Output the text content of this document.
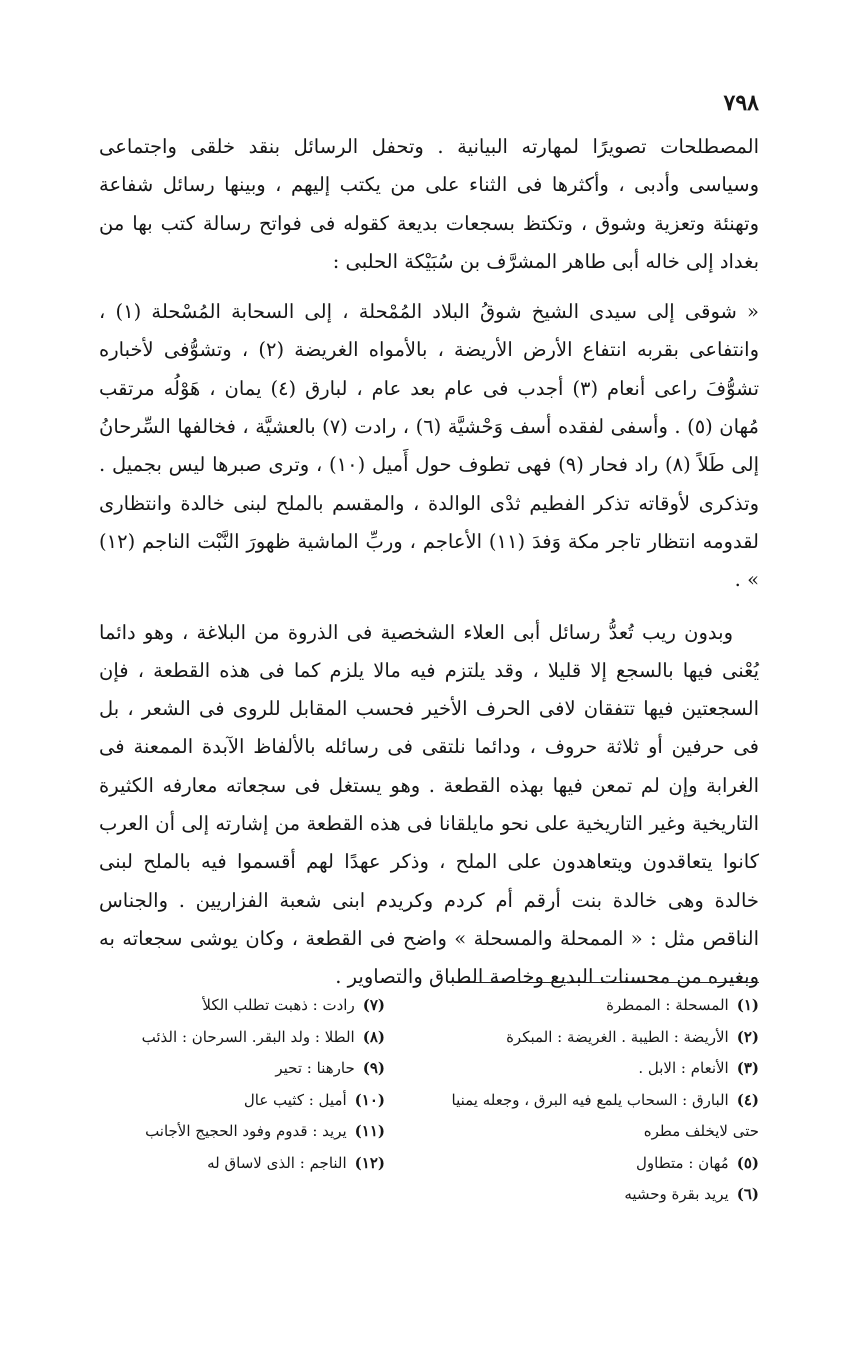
٧٩٨

المصطلحات تصويرًا لمهارته البيانية . وتحفل الرسائل بنقد خلقى واجتماعى وسياسى وأدبى ، وأكثرها فى الثناء على من يكتب إليهم ، وبينها رسائل شفاعة وتهنئة وتعزية وشوق ، وتكتظ بسجعات بديعة كقوله فى فواتح رسالة كتب بها من بغداد إلى خاله أبى طاهر المشرَّف بن سُبَيْكة الحلبى :

« شوقى إلى سيدى الشيخ شوقُ البلاد المُمْحلة ، إلى السحابة المُسْحلة (١) ، وانتفاعى بقربه انتفاع الأرض الأريضة ، بالأمواه الغريضة (٢) ، وتشوُّفى لأخباره تشوُّفَ راعى أنعام (٣) أجدب فى عام بعد عام ، لبارق (٤) يمان ، هَوْلُه مرتقب مُهان (٥) . وأسفى لفقده أسف وَحْشيَّة (٦) ، رادت (٧) بالعشيَّة ، فخالفها السِّرحانُ إلى طَلاً (٨) راد فحار (٩) فهى تطوف حول أَميل (١٠) ، وترى صبرها ليس بجميل . وتذكرى لأوقاته تذكر الفطيم ثدْى الوالدة ، والمقسم بالملح لبنى خالدة وانتظارى لقدومه انتظار تاجر مكة وَفدَ (١١) الأعاجم ، وربِّ الماشية ظهورَ النَّبْت الناجم (١٢) » .

وبدون ريب تُعدُّ رسائل أبى العلاء الشخصية فى الذروة من البلاغة ، وهو دائما يُعْنى فيها بالسجع إلا قليلا ، وقد يلتزم فيه مالا يلزم كما فى هذه القطعة ، فإن السجعتين فيها تتفقان لافى الحرف الأخير فحسب المقابل للروى فى الشعر ، بل فى حرفين أو ثلاثة حروف ، ودائما نلتقى فى رسائله بالألفاظ الآبدة الممعنة فى الغرابة وإن لم تمعن فيها بهذه القطعة . وهو يستغل فى سجعاته معارفه الكثيرة التاريخية وغير التاريخية على نحو مايلقانا فى هذه القطعة من إشارته إلى أن العرب كانوا يتعاقدون ويتعاهدون على الملح ، وذكر عهدًا لهم أقسموا فيه بالملح لبنى خالدة وهى خالدة بنت أرقم أم كردم وكريدم ابنى شعبة الفزاريين . والجناس الناقص مثل : « الممحلة والمسحلة » واضح فى القطعة ، وكان يوشى سجعاته به وبغيره من محسنات البديع وخاصة الطباق والتصاوير .

(١)المسحلة : الممطرة
(٢)الأريضة : الطيبة . الغريضة : المبكرة
(٣)الأنعام : الابل .
(٤)البارق : السحاب يلمع فيه البرق ، وجعله يمنيا
حتى لايخلف مطره
(٥)مُهان : متطاول
(٦)يريد بقرة وحشيه
(٧)رادت : ذهبت تطلب الكلأ
(٨)الطلا : ولد البقر. السرحان : الذئب
(٩)حارهنا : تحير
(١٠)أميل : كثيب عال
(١١)يريد : قدوم وفود الحجيج الأجانب
(١٢)الناجم : الذى لاساق له
